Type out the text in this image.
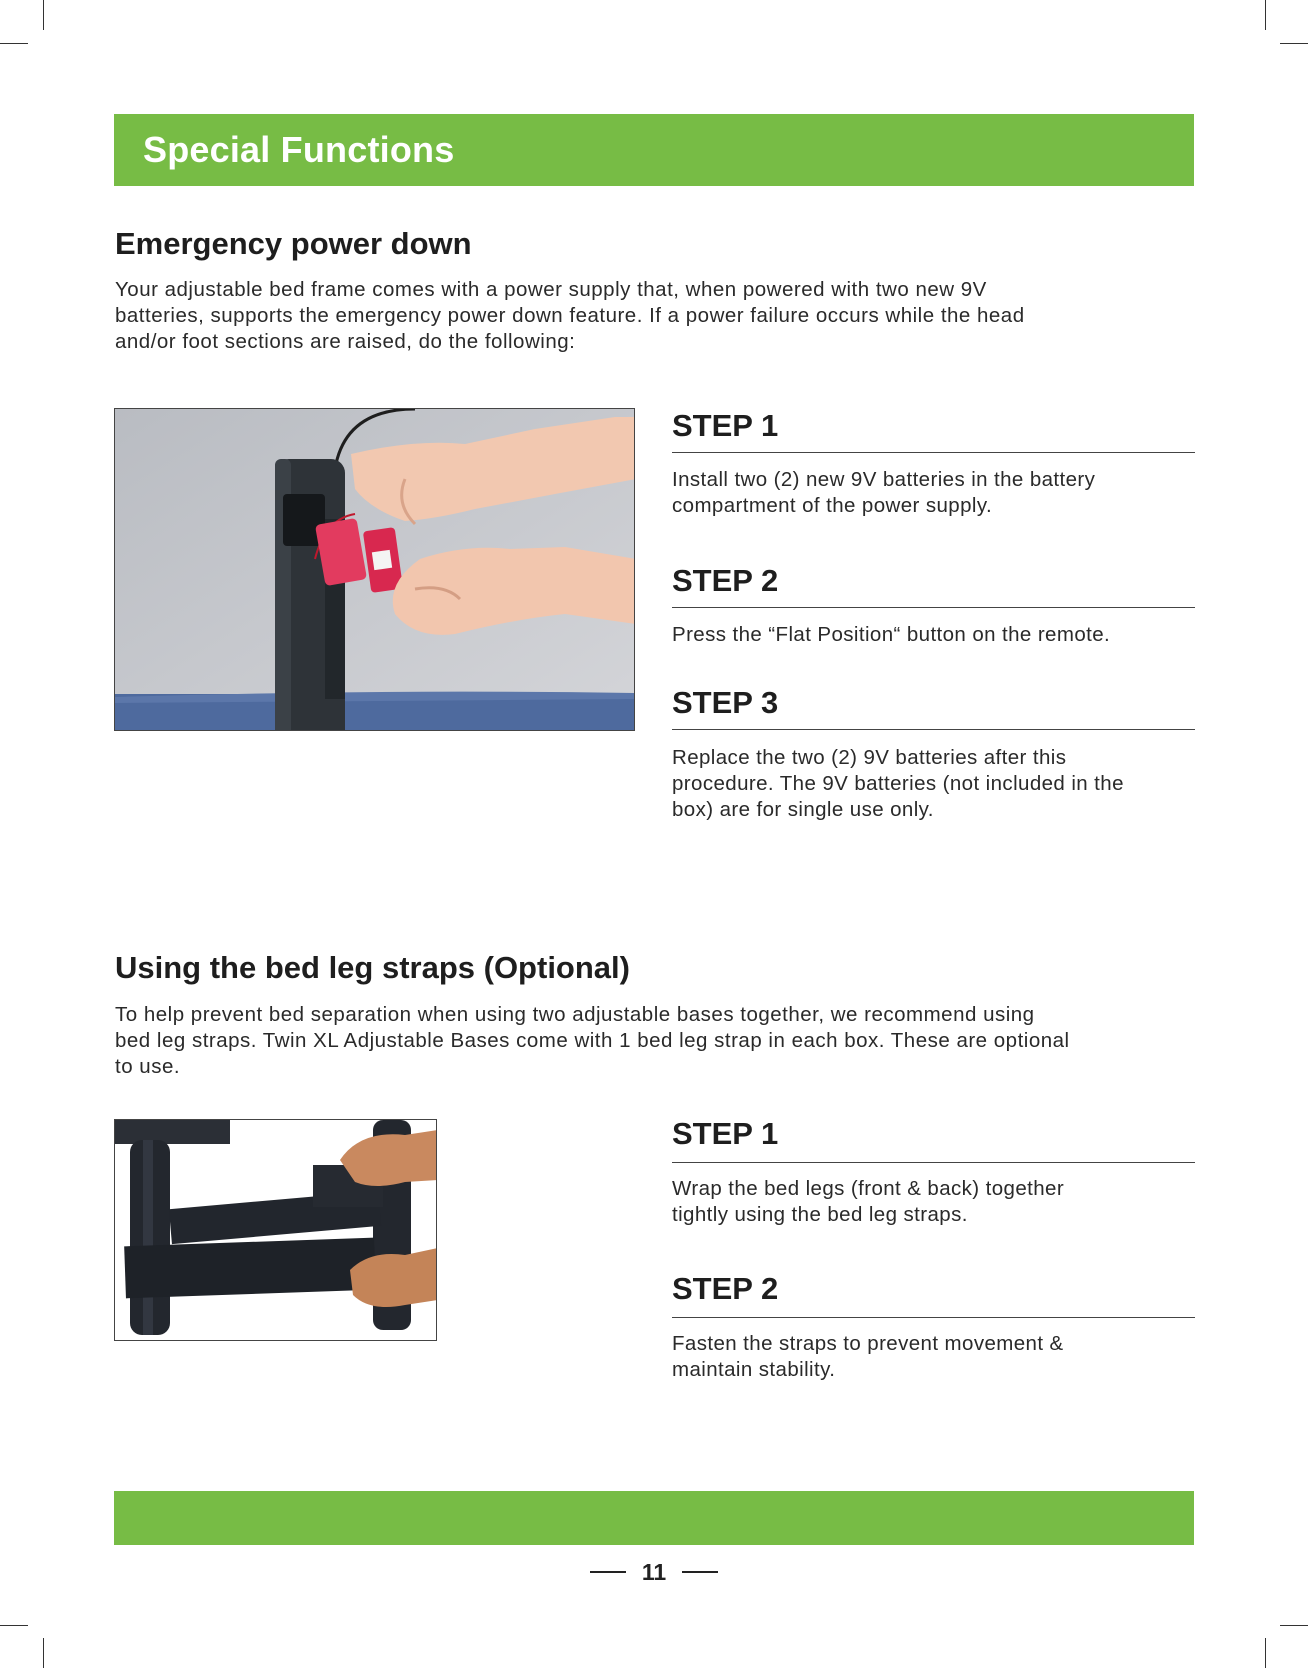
Special Functions
Emergency power down

Your adjustable bed frame comes with a power supply that, when powered with two new 9V
batteries, supports the emergency power down feature. If a power failure occurs while the head
and/or foot sections are raised, do the following:

STEP 1

Install two (2) new 9V batteries in the battery
compartment of the power supply.

STEP 2

Press the “Flat Position“ button on the remote.

STEP 3

Replace the two (2) 9V batteries after this
procedure. The 9V batteries (not included in the
box) are for single use only.

Using the bed leg straps (Optional)

To help prevent bed separation when using two adjustable bases together, we recommend using
bed leg straps. Twin XL Adjustable Bases come with 1 bed leg strap in each box. These are optional
to use.

STEP 1

Wrap the bed legs (front & back) together
tightly using the bed leg straps.

STEP 2

Fasten the straps to prevent movement &
maintain stability.

11
